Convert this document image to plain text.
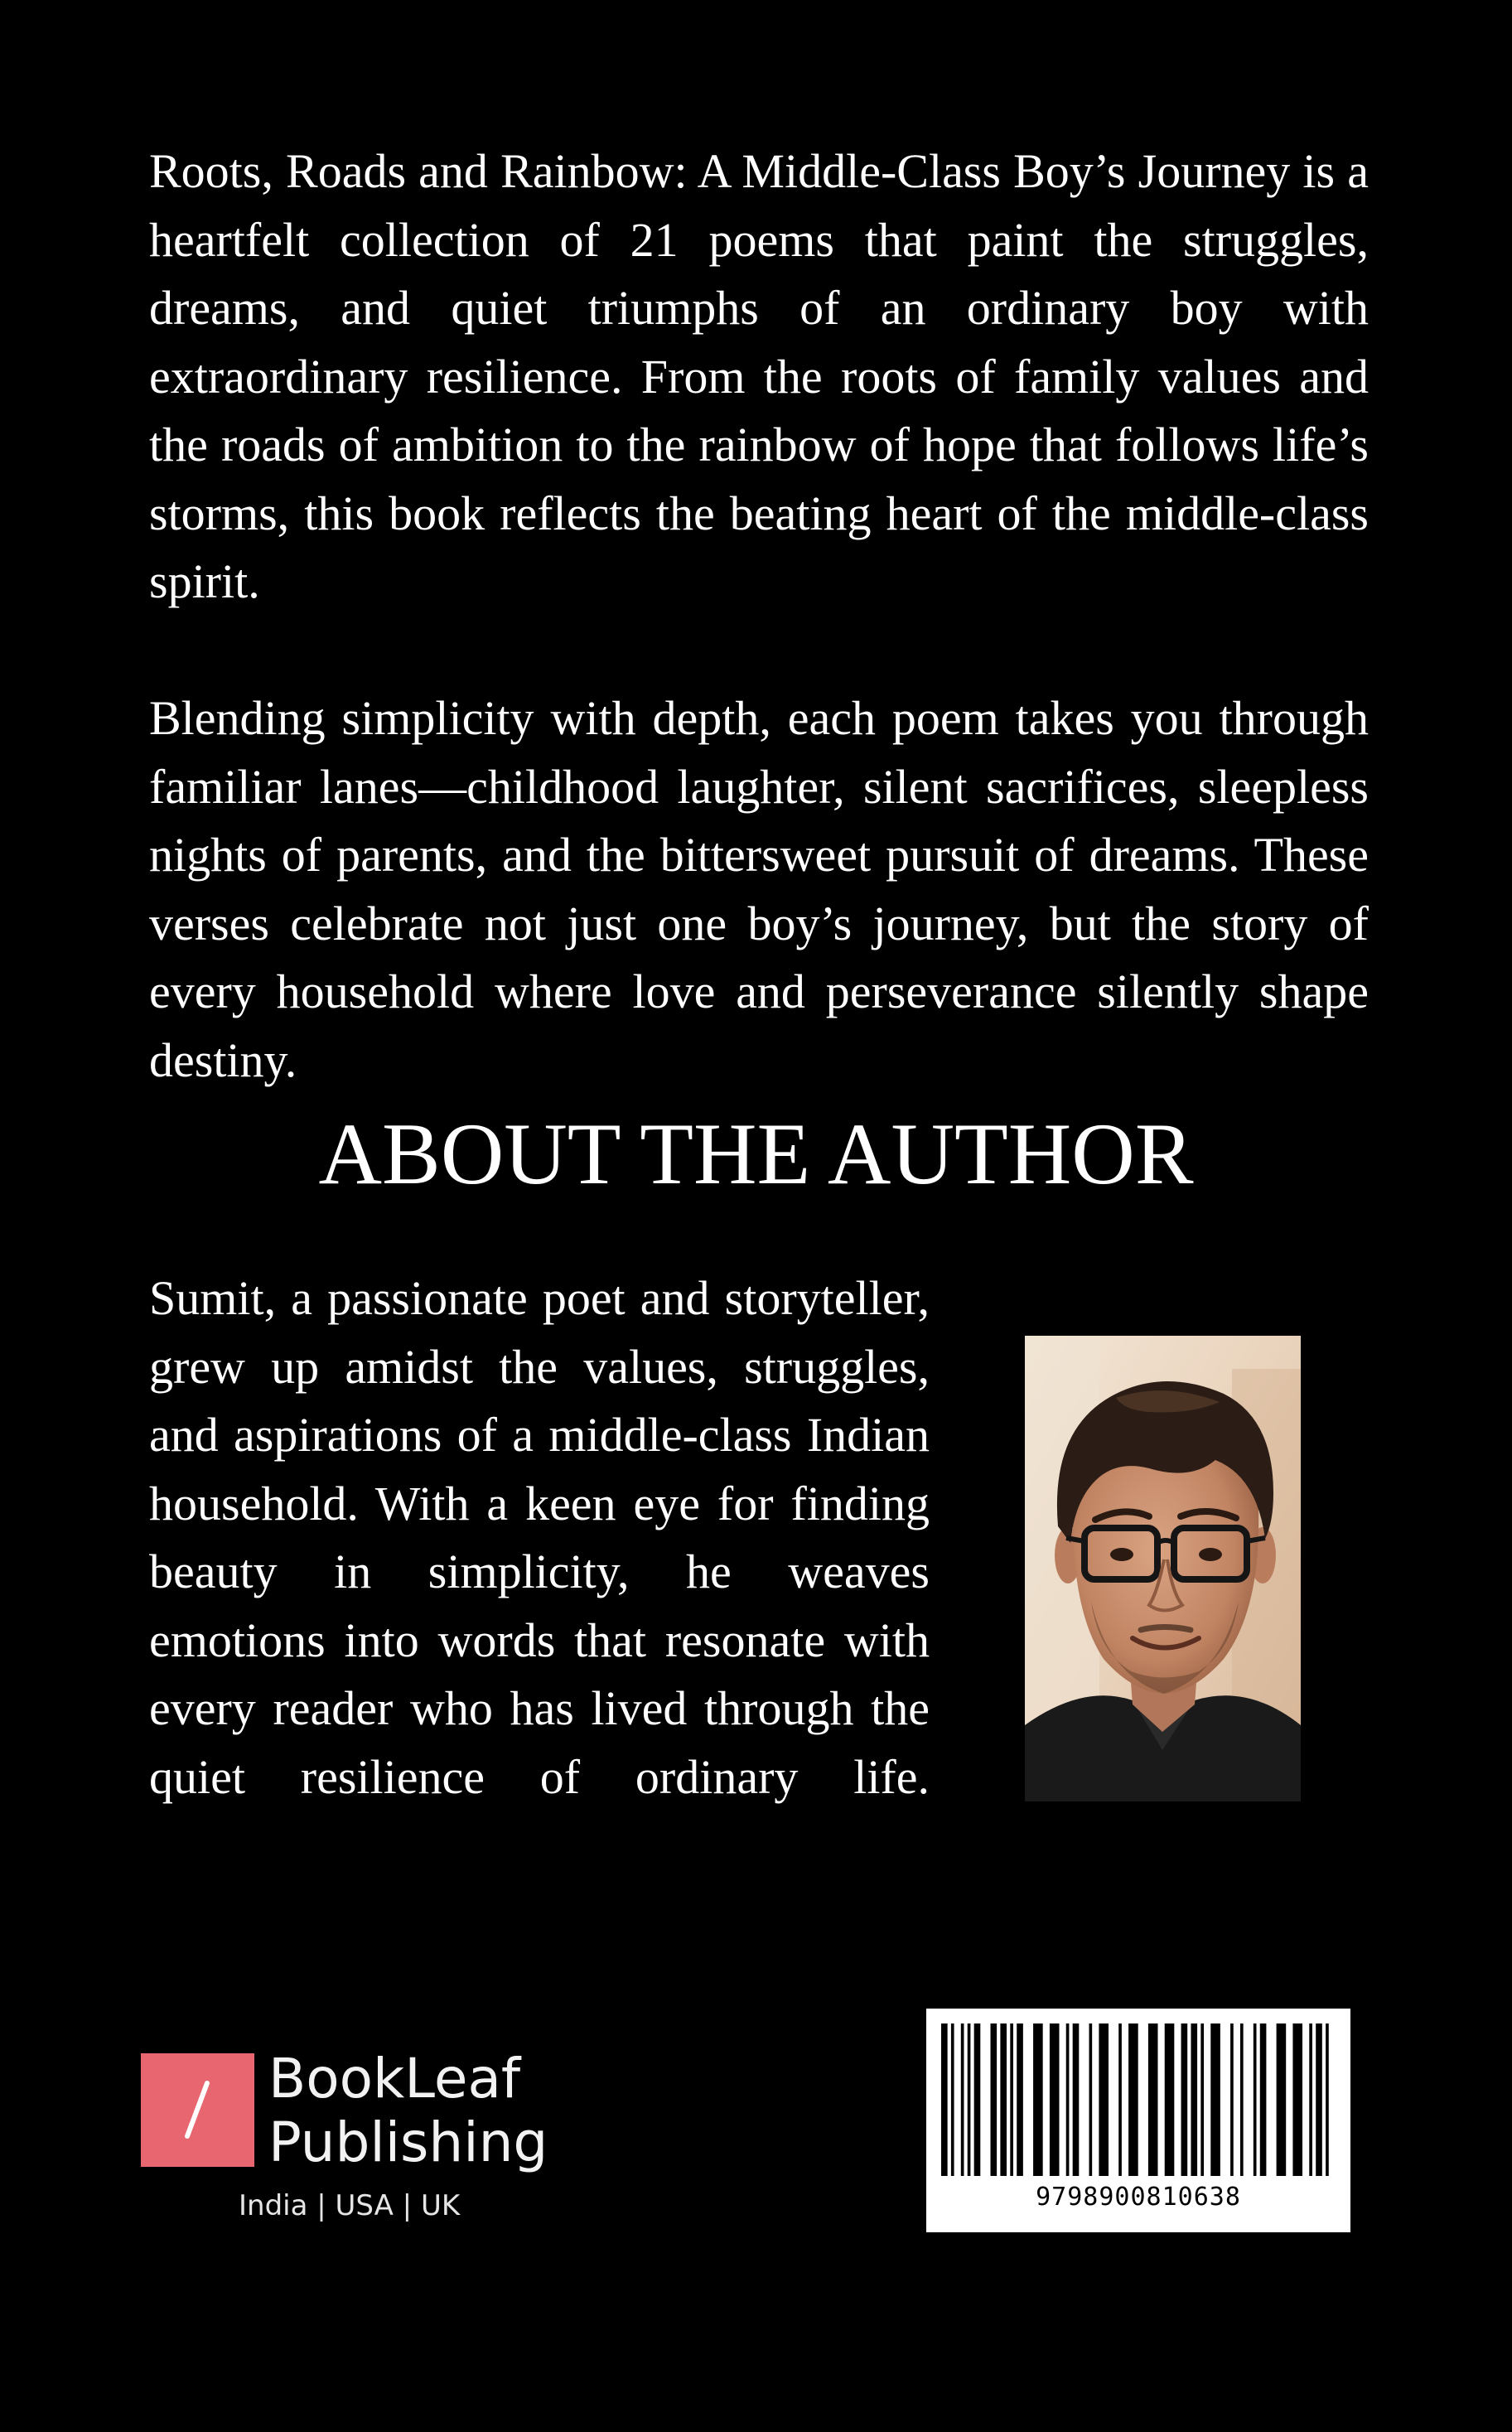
Roots, Roads and Rainbow: A Middle-Class Boy’s Journey is a heartfelt collection of 21 poems that paint the struggles, dreams, and quiet triumphs of an ordinary boy with extraordinary resilience. From the roots of family values and the roads of ambition to the rainbow of hope that follows life’s storms, this book reflects the beating heart of the middle-class spirit.

Blending simplicity with depth, each poem takes you through familiar lanes—childhood laughter, silent sacrifices, sleepless nights of parents, and the bittersweet pursuit of dreams. These verses celebrate not just one boy’s journey, but the story of every household where love and perseverance silently shape destiny.

ABOUT THE AUTHOR

Sumit, a passionate poet and storyteller, grew up amidst the values, struggles, and aspirations of a middle-class Indian household. With a keen eye for finding beauty in simplicity, he weaves emotions into words that resonate with every reader who has lived through the quiet resilience of ordinary life.

BookLeaf
Publishing
India | USA | UK	9798900810638
